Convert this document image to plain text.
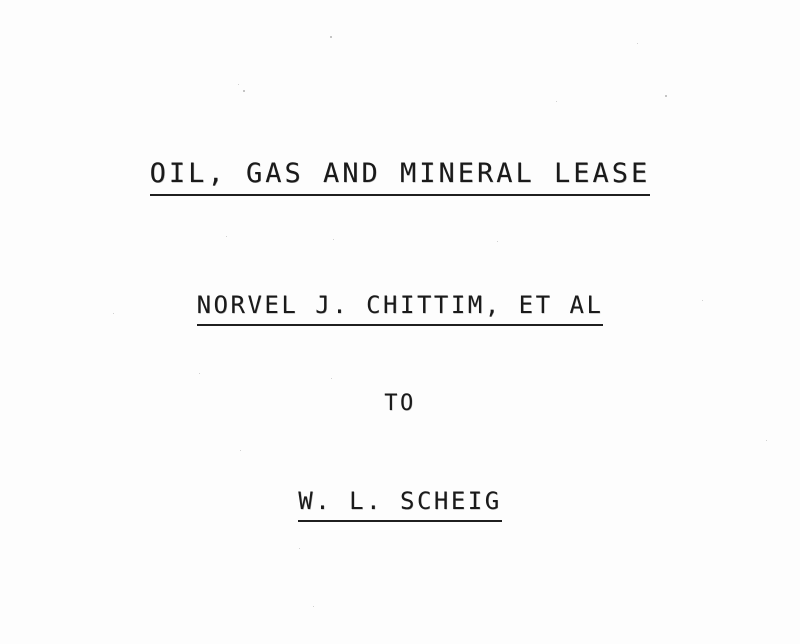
OIL, GAS AND MINERAL LEASE
NORVEL J. CHITTIM, ET AL
TO
W. L. SCHEIG
